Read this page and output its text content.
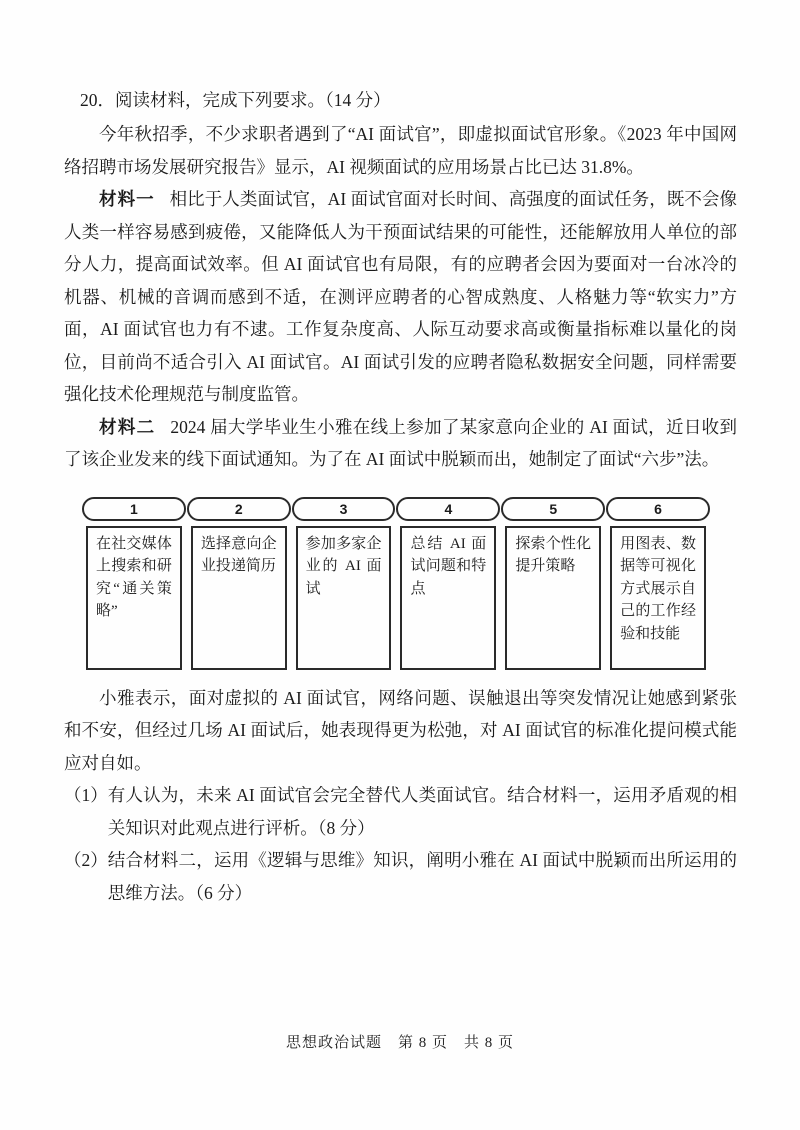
20．阅读材料，完成下列要求。（14 分）

今年秋招季，不少求职者遇到了“AI 面试官”，即虚拟面试官形象。《2023 年中国网络招聘市场发展研究报告》显示，AI 视频面试的应用场景占比已达 31.8%。

材料一 相比于人类面试官，AI 面试官面对长时间、高强度的面试任务，既不会像人类一样容易感到疲倦，又能降低人为干预面试结果的可能性，还能解放用人单位的部分人力，提高面试效率。但 AI 面试官也有局限，有的应聘者会因为要面对一台冰冷的机器、机械的音调而感到不适，在测评应聘者的心智成熟度、人格魅力等“软实力”方面，AI 面试官也力有不逮。工作复杂度高、人际互动要求高或衡量指标难以量化的岗位，目前尚不适合引入 AI 面试官。AI 面试引发的应聘者隐私数据安全问题，同样需要强化技术伦理规范与制度监管。

材料二 2024 届大学毕业生小雅在线上参加了某家意向企业的 AI 面试，近日收到了该企业发来的线下面试通知。为了在 AI 面试中脱颖而出，她制定了面试“六步”法。

1
在社交媒体上搜索和研究“通关策略”
2
选择意向企业投递简历
3
参加多家企业的 AI 面试
4
总结 AI 面试问题和特点
5
探索个性化提升策略
6
用图表、数据等可视化方式展示自己的工作经验和技能

小雅表示，面对虚拟的 AI 面试官，网络问题、误触退出等突发情况让她感到紧张和不安，但经过几场 AI 面试后，她表现得更为松弛，对 AI 面试官的标准化提问模式能应对自如。

（1） 有人认为，未来 AI 面试官会完全替代人类面试官。结合材料一，运用矛盾观的相关知识对此观点进行评析。（8 分）
（2） 结合材料二，运用《逻辑与思维》知识，阐明小雅在 AI 面试中脱颖而出所运用的思维方法。（6 分）
思想政治试题　第 8 页　共 8 页
